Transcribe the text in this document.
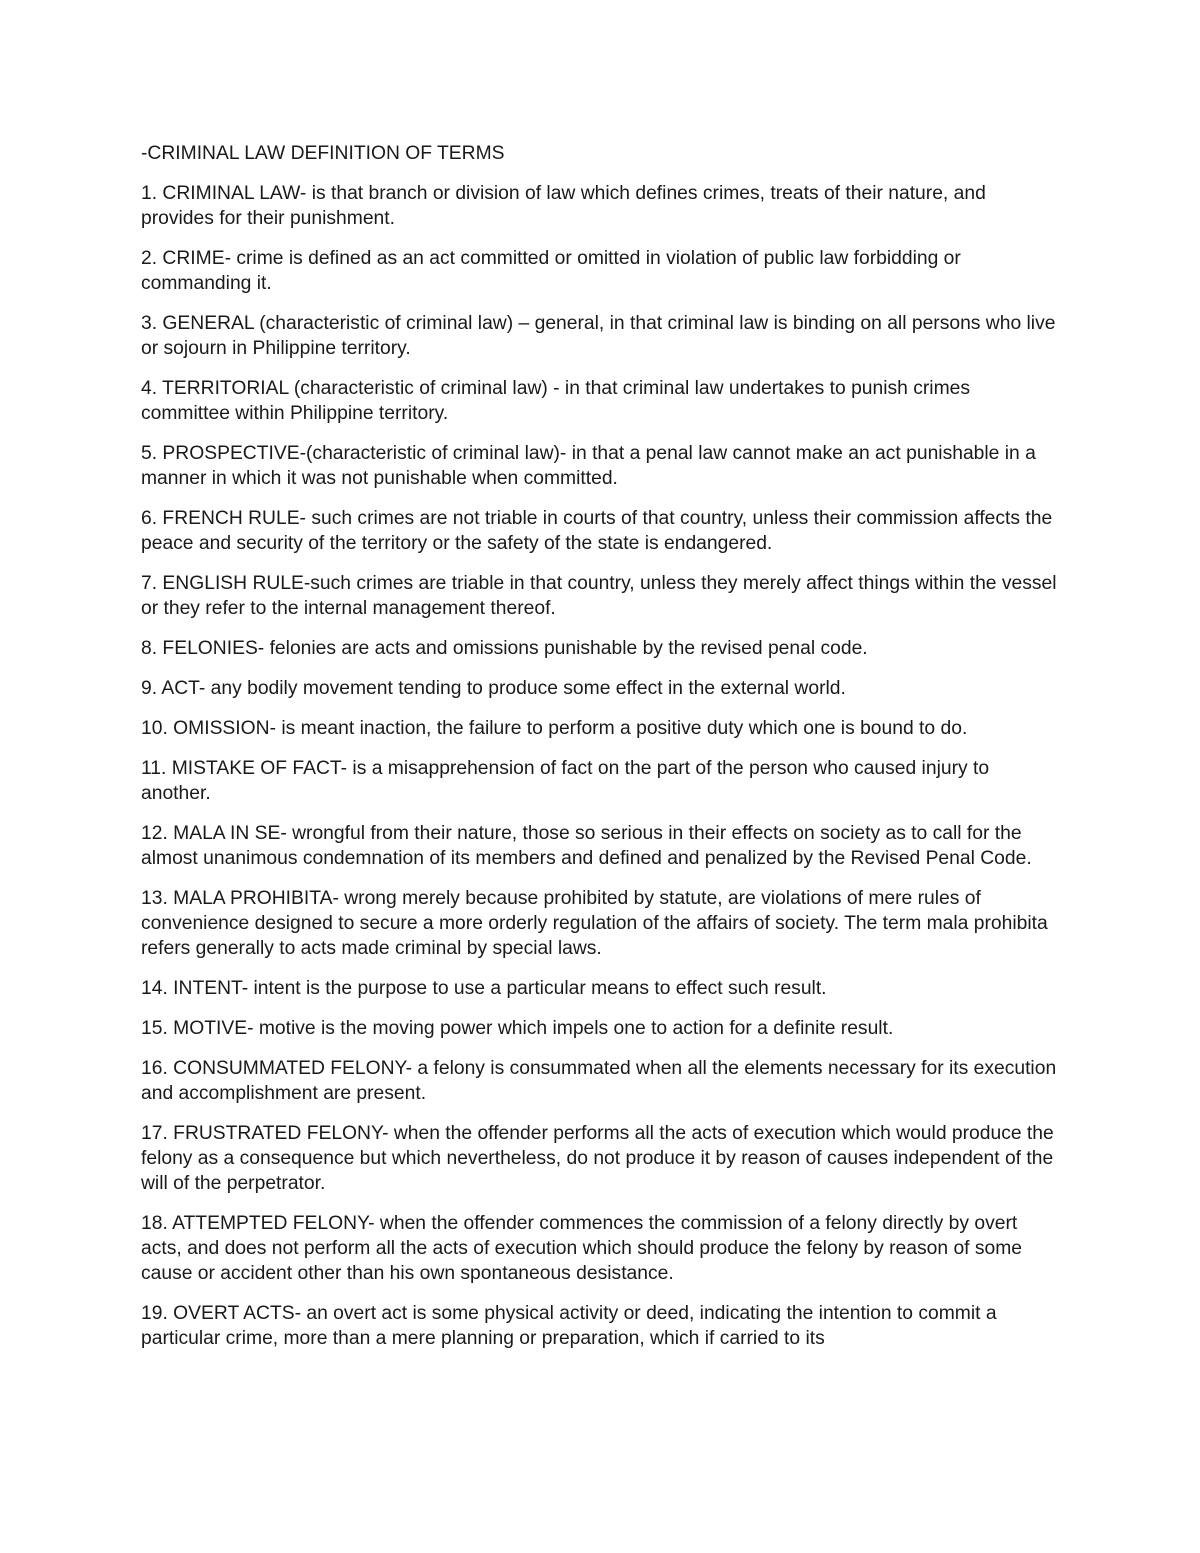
-CRIMINAL LAW DEFINITION OF TERMS

1. CRIMINAL LAW- is that branch or division of law which defines crimes, treats of their nature, and provides for their punishment.
2. CRIME- crime is defined as an act committed or omitted in violation of public law forbidding or commanding it.
3. GENERAL (characteristic of criminal law) – general, in that criminal law is binding on all persons who live or sojourn in Philippine territory.
4. TERRITORIAL (characteristic of criminal law) - in that criminal law undertakes to punish crimes committee within Philippine territory.
5. PROSPECTIVE-(characteristic of criminal law)- in that a penal law cannot make an act punishable in a manner in which it was not punishable when committed.
6. FRENCH RULE- such crimes are not triable in courts of that country, unless their commission affects the peace and security of the territory or the safety of the state is endangered.
7. ENGLISH RULE-such crimes are triable in that country, unless they merely affect things within the vessel or they refer to the internal management thereof.
8. FELONIES- felonies are acts and omissions punishable by the revised penal code.
9. ACT- any bodily movement tending to produce some effect in the external world.
10. OMISSION- is meant inaction, the failure to perform a positive duty which one is bound to do.
11. MISTAKE OF FACT- is a misapprehension of fact on the part of the person who caused injury to another.
12. MALA IN SE- wrongful from their nature, those so serious in their effects on society as to call for the almost unanimous condemnation of its members and defined and penalized by the Revised Penal Code.
13. MALA PROHIBITA- wrong merely because prohibited by statute, are violations of mere rules of convenience designed to secure a more orderly regulation of the affairs of society. The term mala prohibita refers generally to acts made criminal by special laws.
14. INTENT- intent is the purpose to use a particular means to effect such result.
15. MOTIVE- motive is the moving power which impels one to action for a definite result.
16. CONSUMMATED FELONY- a felony is consummated when all the elements necessary for its execution and accomplishment are present.
17. FRUSTRATED FELONY- when the offender performs all the acts of execution which would produce the felony as a consequence but which nevertheless, do not produce it by reason of causes independent of the will of the perpetrator.
18. ATTEMPTED FELONY- when the offender commences the commission of a felony directly by overt acts, and does not perform all the acts of execution which should produce the felony by reason of some cause or accident other than his own spontaneous desistance.
19. OVERT ACTS- an overt act is some physical activity or deed, indicating the intention to commit a particular crime, more than a mere planning or preparation, which if carried to its
